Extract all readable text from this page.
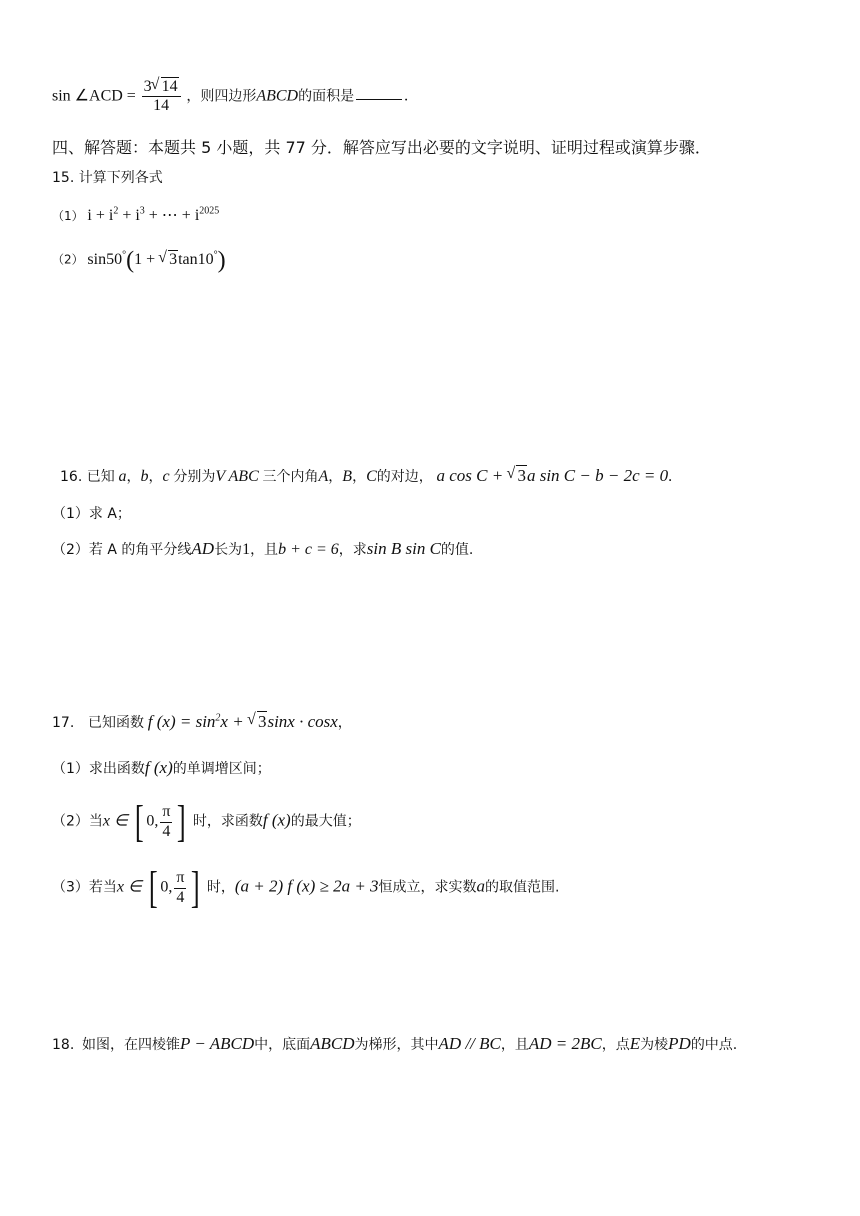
sin ∠ACD = $\frac{3√ 14}{14}$ ，则四边形ABCD的面积是	.
四、解答题：本题共 5 小题，共 77 分．解答应写出必要的文字说明、证明过程或演算步骤．
15. 计算下列各式
（1） $i + i^2 + i^3$ + ⋯ + $i^{2025}$
（2） sin50°(1 + √ 3tan10°)
16. 已知 a，b，c 分别为V ABC 三个内角A，B，C的对边， a cos C + √ 3a sin C − b − 2c = 0.
（1）求 A；
（2）若 A 的角平分线AD长为1，且b + c = 6，求sin B sin C的值.
17. 已知函数 f $(x) = \sin^2x$ + √ 3sinx · cosx，
（1）求出函数f (x)的单调增区间；
（2）当x ∈ [ 0, $\frac{\pi}{4}$ ] 时，求函数f (x)的最大值；
（3）若当x ∈ [ 0, $\frac{\pi}{4}$ ] 时，(a + 2) f (x) ≥ 2a + 3恒成立，求实数a的取值范围.
18. 如图，在四棱锥P − ABCD中，底面ABCD为梯形，其中AD // BC，且AD = 2BC，点E为棱PD的中点.
